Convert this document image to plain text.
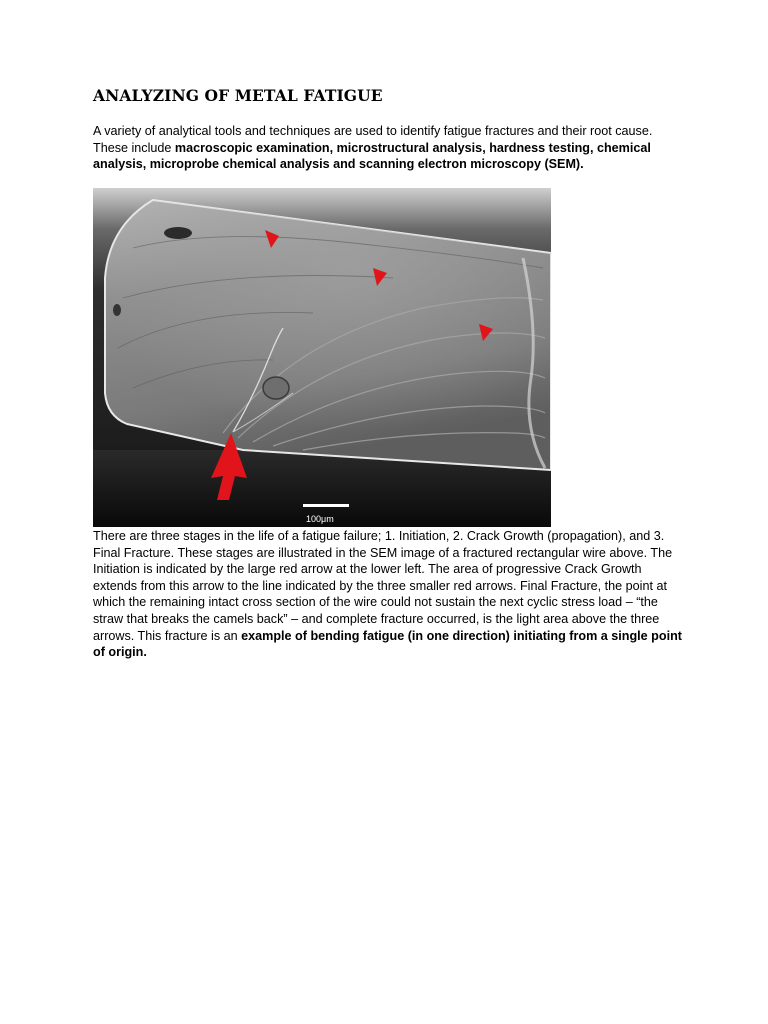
ANALYZING OF METAL FATIGUE

A variety of analytical tools and techniques are used to identify fatigue fractures and their root cause. These include macroscopic examination, microstructural analysis, hardness testing, chemical analysis, microprobe chemical analysis and scanning electron microscopy (SEM).

100μm

There are three stages in the life of a fatigue failure; 1. Initiation, 2. Crack Growth (propagation), and 3. Final Fracture. These stages are illustrated in the SEM image of a fractured rectangular wire above. The Initiation is indicated by the large red arrow at the lower left. The area of progressive Crack Growth extends from this arrow to the line indicated by the three smaller red arrows. Final Fracture, the point at which the remaining intact cross section of the wire could not sustain the next cyclic stress load – “the straw that breaks the camels back” – and complete fracture occurred, is the light area above the three arrows. This fracture is an example of bending fatigue (in one direction) initiating from a single point of origin.
